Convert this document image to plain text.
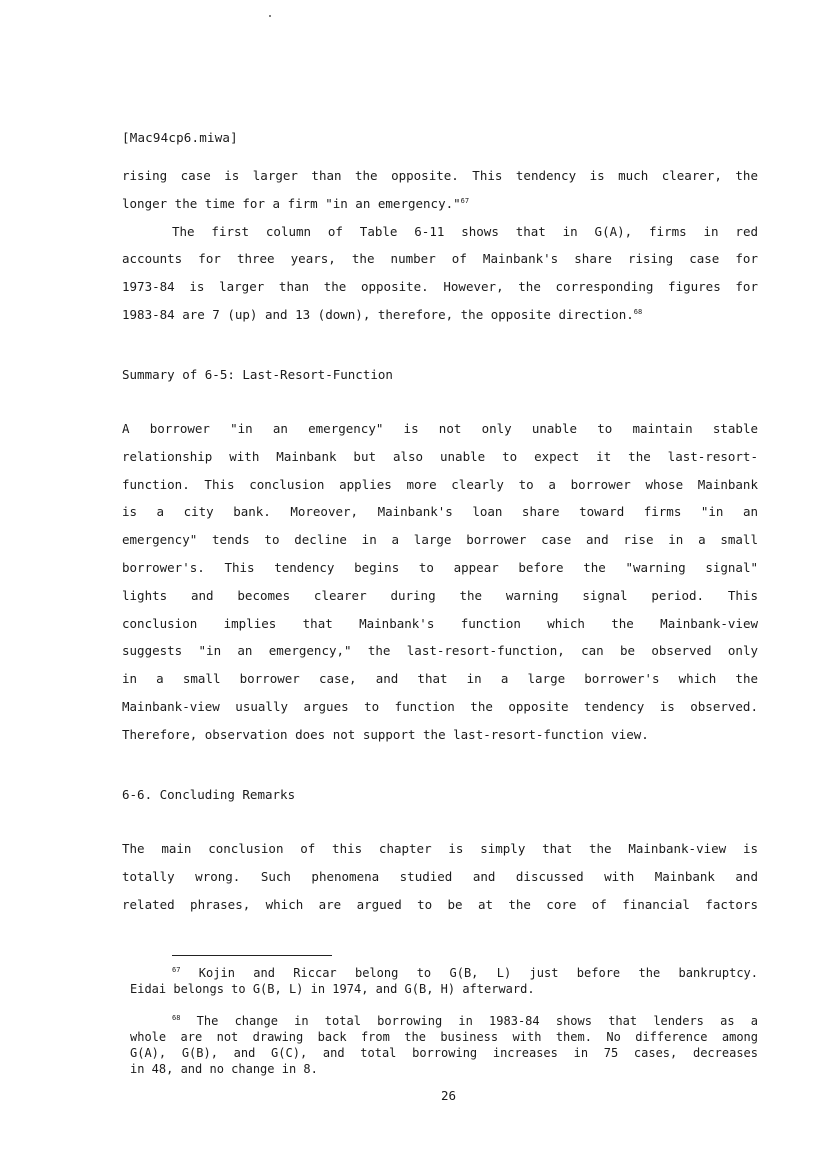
[Mac94cp6.miwa]
rising case is larger than the opposite. This tendency is much clearer, the
longer the time for a firm "in an emergency."$^{67}$
The first column of Table 6-11 shows that in G(A), firms in red
accounts for three years, the number of Mainbank's share rising case for
1973-84 is larger than the opposite. However, the corresponding figures for
1983-84 are 7 (up) and 13 (down), therefore, the opposite direction.$^{68}$
Summary of 6-5: Last-Resort-Function
A borrower "in an emergency" is not only unable to maintain stable
relationship with Mainbank but also unable to expect it the last-resort-
function. This conclusion applies more clearly to a borrower whose Mainbank
is a city bank. Moreover, Mainbank's loan share toward firms "in an
emergency" tends to decline in a large borrower case and rise in a small
borrower's. This tendency begins to appear before the "warning signal"
lights and becomes clearer during the warning signal period. This
conclusion implies that Mainbank's function which the Mainbank-view
suggests "in an emergency," the last-resort-function, can be observed only
in a small borrower case, and that in a large borrower's which the
Mainbank-view usually argues to function the opposite tendency is observed.
Therefore, observation does not support the last-resort-function view.
6-6. Concluding Remarks
The main conclusion of this chapter is simply that the Mainbank-view is
totally wrong. Such phenomena studied and discussed with Mainbank and
related phrases, which are argued to be at the core of financial factors
$^{67}$ Kojin and Riccar belong to G(B, L) just before the bankruptcy.
Eidai belongs to G(B, L) in 1974, and G(B, H) afterward.
$^{68}$ The change in total borrowing in 1983-84 shows that lenders as a
whole are not drawing back from the business with them. No difference among
G(A), G(B), and G(C), and total borrowing increases in 75 cases, decreases
in 48, and no change in 8.
26
